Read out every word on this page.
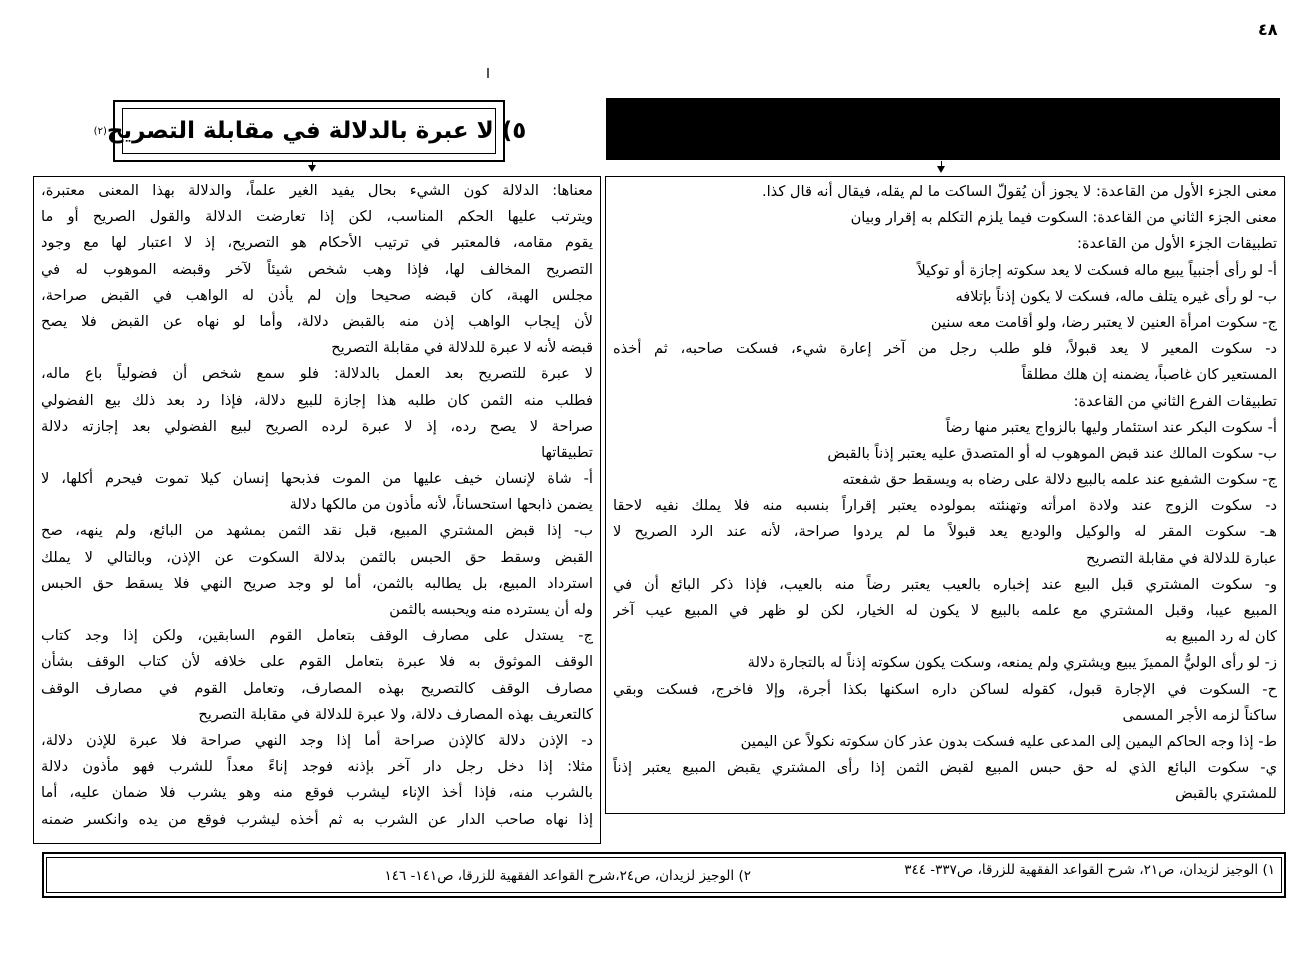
٤٨
٥) لا عبرة بالدلالة في مقابلة التصريح
(٢)
معنى الجزء الأول من القاعدة: لا يجوز أن يُقولّ الساكت ما لم يقله، فيقال أنه قال كذا.
معنى الجزء الثاني من القاعدة: السكوت فيما يلزم التكلم به إقرار وبيان
تطبيقات الجزء الأول من القاعدة:
أ- لو رأى أجنبياً يبيع ماله فسكت لا يعد سكوته إجازة أو توكيلاً
ب- لو رأى غيره يتلف ماله، فسكت لا يكون إذناً بإتلافه
ج- سكوت امرأة العنين لا يعتبر رضا، ولو أقامت معه سنين
د- سكوت المعير لا يعد قبولاً، فلو طلب رجل من آخر إعارة شيء، فسكت صاحبه، ثم أخذه
المستعير كان غاصباً، يضمنه إن هلك مطلقاً
تطبيقات الفرع الثاني من القاعدة:
أ- سكوت البكر عند استئمار وليها بالزواج يعتبر منها رضاً
ب- سكوت المالك عند قبض الموهوب له أو المتصدق عليه يعتبر إذناً بالقبض
ج- سكوت الشفيع عند علمه بالبيع دلالة على رضاه به ويسقط حق شفعته
د- سكوت الزوج عند ولادة امرأته وتهنئته بمولوده يعتبر إقراراً بنسبه منه فلا يملك نفيه لاحقا
هـ- سكوت المقر له والوكيل والوديع يعد قبولاً ما لم يردوا صراحة، لأنه عند الرد الصريح لا
عبارة للدلالة في مقابلة التصريح
و- سكوت المشتري قبل البيع عند إخباره بالعيب يعتبر رضاً منه بالعيب، فإذا ذكر البائع أن في
المبيع عيبا، وقبل المشتري مع علمه بالبيع لا يكون له الخيار، لكن لو ظهر في المبيع عيب آخر
كان له رد المبيع به
ز- لو رأى الوليُّ المميزَ يبيع ويشتري ولم يمنعه، وسكت يكون سكوته إذناً له بالتجارة دلالة
ح- السكوت في الإجارة قبول، كقوله لساكن داره اسكنها بكذا أجرة، وإلا فاخرج، فسكت وبقي
ساكناً لزمه الأجر المسمى
ط- إذا وجه الحاكم اليمين إلى المدعى عليه فسكت بدون عذر كان سكوته نكولاً عن اليمين
ي- سكوت البائع الذي له حق حبس المبيع لقبض الثمن إذا رأى المشتري يقبض المبيع يعتبر إذناً
للمشتري بالقبض
معناها: الدلالة كون الشيء بحال يفيد الغير علماً، والدلالة بهذا المعنى معتبرة،
ويترتب عليها الحكم المناسب، لكن إذا تعارضت الدلالة والقول الصريح أو ما
يقوم مقامه، فالمعتبر في ترتيب الأحكام هو التصريح، إذ لا اعتبار لها مع وجود
التصريح المخالف لها، فإذا وهب شخص شيئاً لآخر وقبضه الموهوب له في
مجلس الهبة، كان قبضه صحيحا وإن لم يأذن له الواهب في القبض صراحة،
لأن إيجاب الواهب إذن منه بالقبض دلالة، وأما لو نهاه عن القبض فلا يصح
قبضه لأنه لا عبرة للدلالة في مقابلة التصريح
لا عبرة للتصريح بعد العمل بالدلالة: فلو سمع شخص أن فضولياً باع ماله،
فطلب منه الثمن كان طلبه هذا إجازة للبيع دلالة، فإذا رد بعد ذلك بيع الفضولي
صراحة لا يصح رده، إذ لا عبرة لرده الصريح لبيع الفضولي بعد إجازته دلالة
تطبيقاتها
أ- شاة لإنسان خيف عليها من الموت فذبحها إنسان كيلا تموت فيحرم أكلها، لا
يضمن ذابحها استحساناً، لأنه مأذون من مالكها دلالة
ب- إذا قبض المشتري المبيع، قبل نقد الثمن بمشهد من البائع، ولم ينهه، صح
القبض وسقط حق الحبس بالثمن بدلالة السكوت عن الإذن، وبالتالي لا يملك
استرداد المبيع، بل يطالبه بالثمن، أما لو وجد صريح النهي فلا يسقط حق الحبس
وله أن يسترده منه ويحبسه بالثمن
ج- يستدل على مصارف الوقف بتعامل القوم السابقين، ولكن إذا وجد كتاب
الوقف الموثوق به فلا عبرة بتعامل القوم على خلافه لأن كتاب الوقف بشأن
مصارف الوقف كالتصريح بهذه المصارف، وتعامل القوم في مصارف الوقف
كالتعريف بهذه المصارف دلالة، ولا عبرة للدلالة في مقابلة التصريح
د- الإذن دلالة كالإذن صراحة أما إذا وجد النهي صراحة فلا عبرة للإذن دلالة،
مثلا: إذا دخل رجل دار آخر بإذنه فوجد إناءً معداً للشرب فهو مأذون دلالة
بالشرب منه، فإذا أخذ الإناء ليشرب فوقع منه وهو يشرب فلا ضمان عليه، أما
إذا نهاه صاحب الدار عن الشرب به ثم أخذه ليشرب فوقع من يده وانكسر ضمنه
١) الوجيز لزيدان، ص٢١، شرح القواعد الفقهية للزرقا، ص٣٣٧- ٣٤٤
٢) الوجيز لزيدان، ص٢٤،شرح القواعد الفقهية للزرقا، ص١٤١- ١٤٦
